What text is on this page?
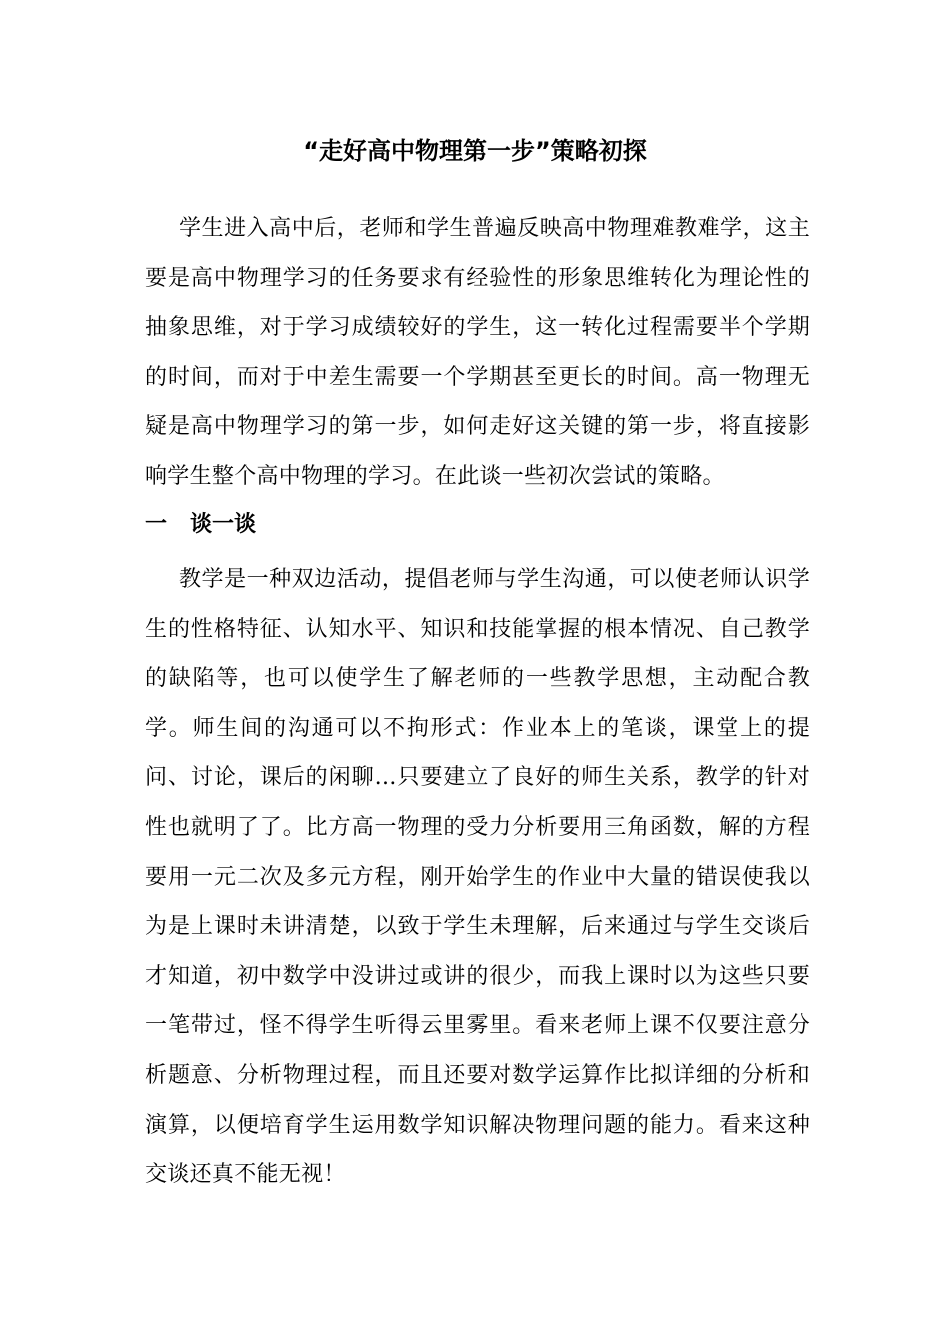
“走好高中物理第一步”策略初探

学生进入高中后，老师和学生普遍反映高中物理难教难学，这主要是高中物理学习的任务要求有经验性的形象思维转化为理论性的抽象思维，对于学习成绩较好的学生，这一转化过程需要半个学期的时间，而对于中差生需要一个学期甚至更长的时间。高一物理无疑是高中物理学习的第一步，如何走好这关键的第一步，将直接影响学生整个高中物理的学习。在此谈一些初次尝试的策略。

一 谈一谈

教学是一种双边活动，提倡老师与学生沟通，可以使老师认识学生的性格特征、认知水平、知识和技能掌握的根本情况、自己教学的缺陷等，也可以使学生了解老师的一些教学思想，主动配合教学。师生间的沟通可以不拘形式：作业本上的笔谈，课堂上的提问、讨论，课后的闲聊…只要建立了良好的师生关系，教学的针对性也就明了了。比方高一物理的受力分析要用三角函数，解的方程要用一元二次及多元方程，刚开始学生的作业中大量的错误使我以为是上课时未讲清楚，以致于学生未理解，后来通过与学生交谈后才知道，初中数学中没讲过或讲的很少，而我上课时以为这些只要一笔带过，怪不得学生听得云里雾里。看来老师上课不仅要注意分析题意、分析物理过程，而且还要对数学运算作比拟详细的分析和演算，以便培育学生运用数学知识解决物理问题的能力。看来这种交谈还真不能无视！
